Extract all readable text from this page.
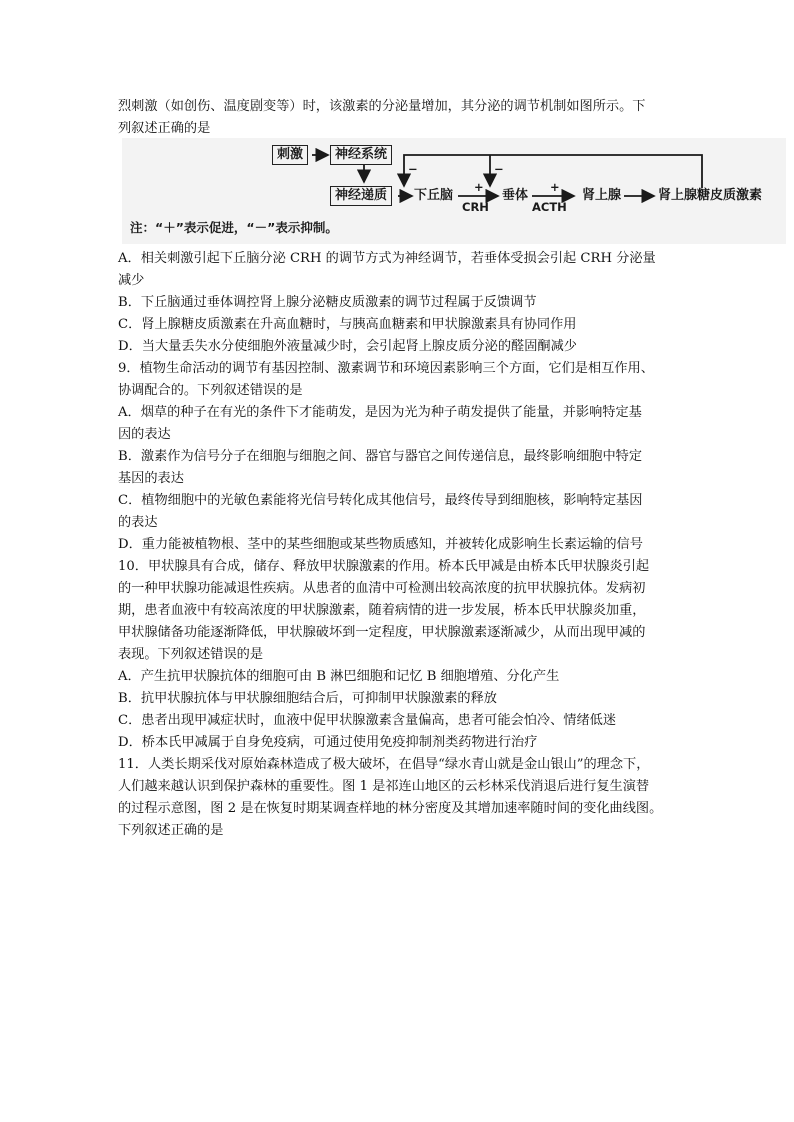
烈刺激（如创伤、温度剧变等）时，该激素的分泌量增加，其分泌的调节机制如图所示。下
列叙述正确的是
刺激	神经系统
神经递质	下丘脑	垂体	肾上腺	肾上腺糖皮质激素
CRH	ACTH
+	+
−	−
注：“＋”表示促进，“－”表示抑制。
A．相关刺激引起下丘脑分泌 CRH 的调节方式为神经调节，若垂体受损会引起 CRH 分泌量
减少
B．下丘脑通过垂体调控肾上腺分泌糖皮质激素的调节过程属于反馈调节
C．肾上腺糖皮质激素在升高血糖时，与胰高血糖素和甲状腺激素具有协同作用
D．当大量丢失水分使细胞外液量减少时，会引起肾上腺皮质分泌的醛固酮减少
9．植物生命活动的调节有基因控制、激素调节和环境因素影响三个方面，它们是相互作用、
协调配合的。下列叙述错误的是
A．烟草的种子在有光的条件下才能萌发，是因为光为种子萌发提供了能量，并影响特定基
因的表达
B．激素作为信号分子在细胞与细胞之间、器官与器官之间传递信息，最终影响细胞中特定
基因的表达
C．植物细胞中的光敏色素能将光信号转化成其他信号，最终传导到细胞核，影响特定基因
的表达
D．重力能被植物根、茎中的某些细胞或某些物质感知，并被转化成影响生长素运输的信号
10．甲状腺具有合成，储存、释放甲状腺激素的作用。桥本氏甲减是由桥本氏甲状腺炎引起
的一种甲状腺功能减退性疾病。从患者的血清中可检测出较高浓度的抗甲状腺抗体。发病初
期，患者血液中有较高浓度的甲状腺激素，随着病情的进一步发展，桥本氏甲状腺炎加重，
甲状腺储备功能逐渐降低，甲状腺破坏到一定程度，甲状腺激素逐渐减少，从而出现甲减的
表现。下列叙述错误的是
A．产生抗甲状腺抗体的细胞可由 B 淋巴细胞和记忆 B 细胞增殖、分化产生
B．抗甲状腺抗体与甲状腺细胞结合后，可抑制甲状腺激素的释放
C．患者出现甲减症状时，血液中促甲状腺激素含量偏高，患者可能会怕冷、情绪低迷
D．桥本氏甲减属于自身免疫病，可通过使用免疫抑制剂类药物进行治疗
11．人类长期采伐对原始森林造成了极大破坏，在倡导“绿水青山就是金山银山”的理念下，
人们越来越认识到保护森林的重要性。图 1 是祁连山地区的云杉林采伐消退后进行复生演替
的过程示意图，图 2 是在恢复时期某调查样地的林分密度及其增加速率随时间的变化曲线图。
下列叙述正确的是
